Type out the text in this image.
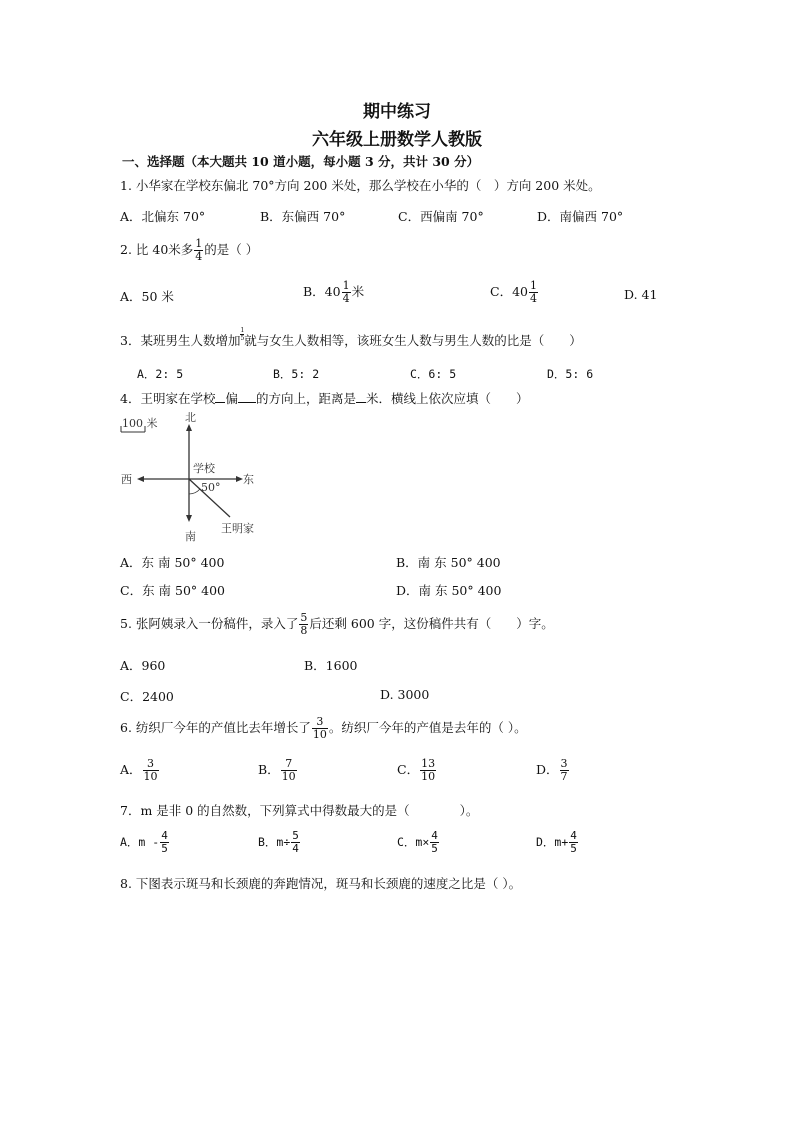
期中练习
六年级上册数学人教版
一、选择题（本大题共 10 道小题，每小题 3 分，共计 30 分）
1. 小华家在学校东偏北 70°方向 200 米处，那么学校在小华的（　）方向 200 米处。
A．北偏东 70°	B．东偏西 70°	C．西偏南 70°	D．南偏西 70°
2. 比 40米多 $\frac{1}{4}$ 的是（ ）
A．50 米	B．$40 \frac{1}{4}$ 米	C．$40 \frac{1}{4}$	D. 41
3．某班男生人数增加 $\frac{1}{5}$ 就与女生人数相等，该班女生人数与男生人数的比是（　　）
A．2: 5	B．5: 2	C．6: 5	D．5: 6
4．王明家在学校 偏 的方向上，距离是 米．横线上依次应填（　　）
100 米	北
南
东
西
学校
50°
王明家
A．东 南 50° 400	B．南 东 50° 400
C．东 南 50° 400	D．南 东 50° 400
5. 张阿姨录入一份稿件，录入了 $\frac{5}{8}$ 后还剩 600 字，这份稿件共有（　　）字。
A．960	B．1600
C．2400	D. 3000
6. 纺织厂今年的产值比去年增长了 $\frac{3}{10}$ 。纺织厂今年的产值是去年的（ ）。
A． $\frac{3}{10}$	B． $\frac{7}{10}$	C． $\frac{13}{10}$	D． $\frac{3}{7}$
7．m 是非 0 的自然数，下列算式中得数最大的是（　　　　）。
A．m - $\frac{4}{5}$	B．$m\div \frac{5}{4}$	C．$m\times \frac{4}{5}$	D．$m+ \frac{4}{5}$
8. 下图表示斑马和长颈鹿的奔跑情况，斑马和长颈鹿的速度之比是（ ）。
